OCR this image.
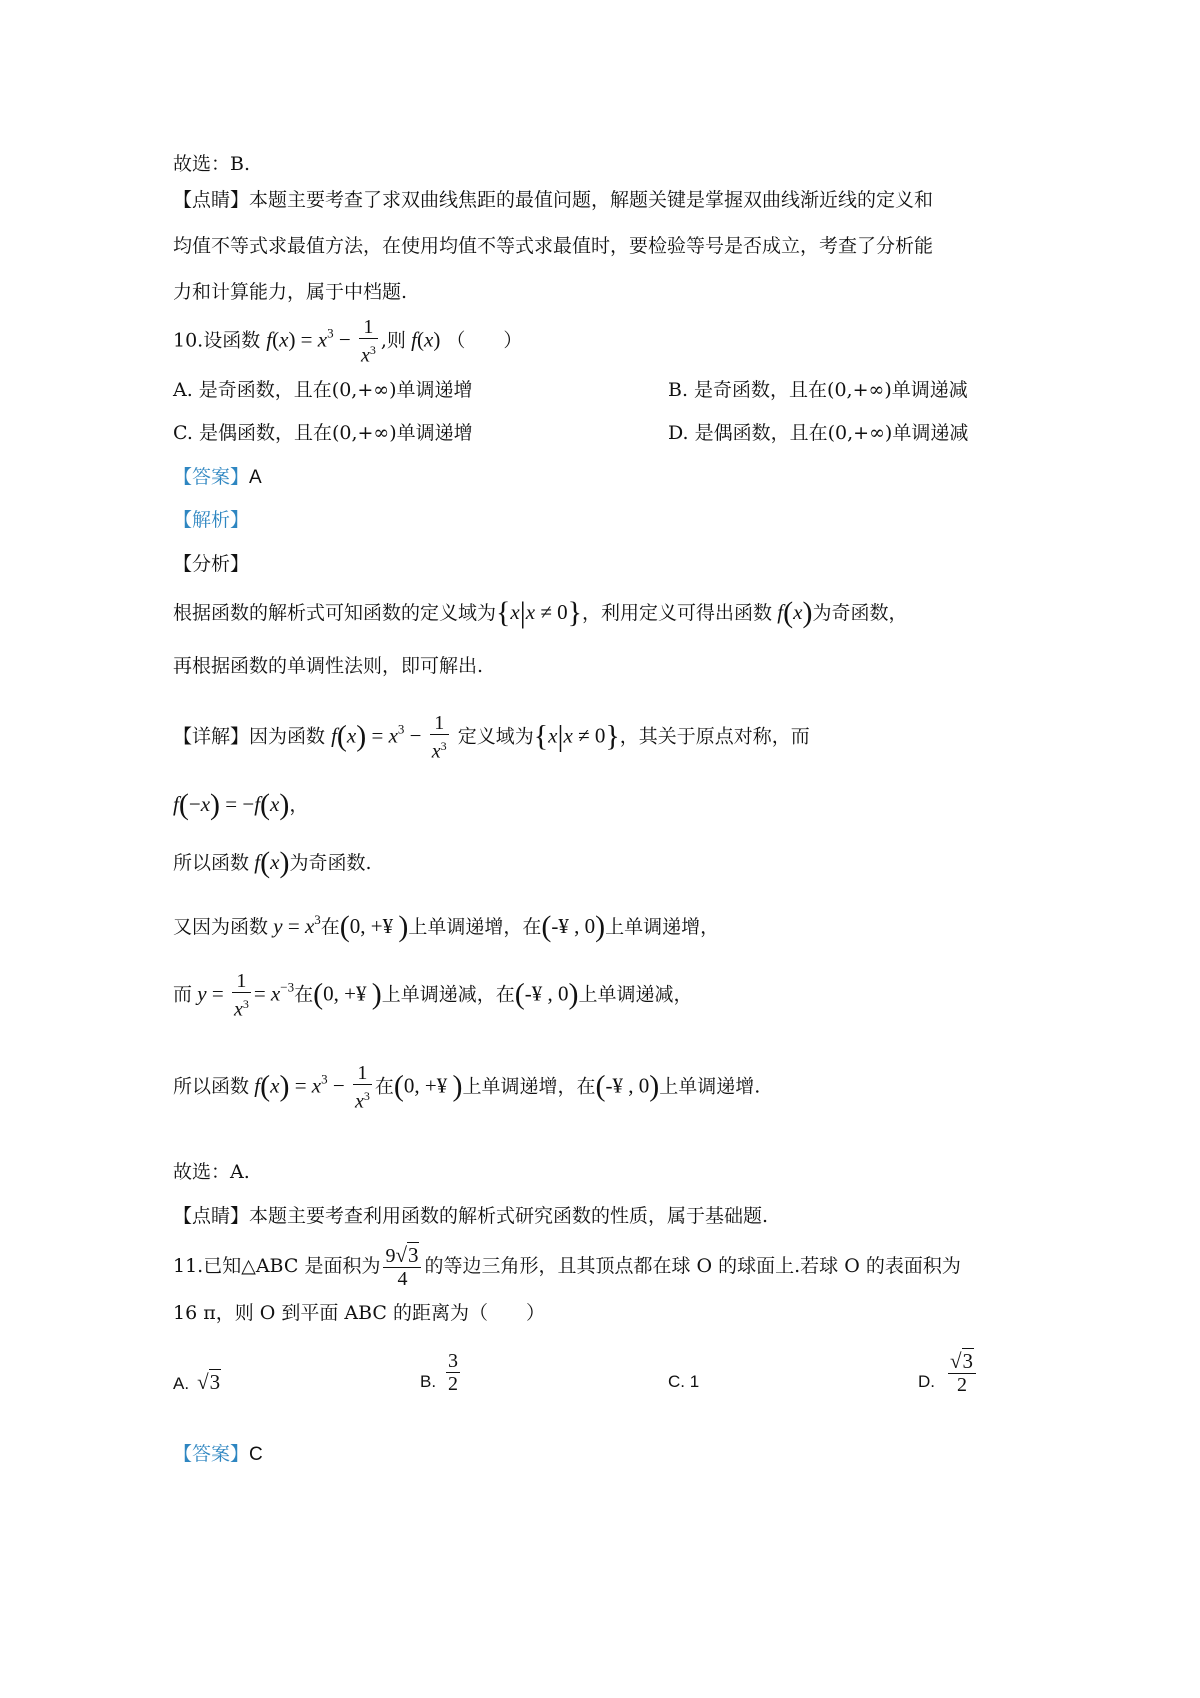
故选：B.
【点睛】本题主要考查了求双曲线焦距的最值问题，解题关键是掌握双曲线渐近线的定义和
均值不等式求最值方法，在使用均值不等式求最值时，要检验等号是否成立，考查了分析能
力和计算能力，属于中档题.
10.设函数 $f(x) = x^3 - \frac{1}{x^3}$ ,则 f(x) （　　）
A. 是奇函数，且在(0,+∞)单调递增	B. 是奇函数，且在(0,+∞)单调递减
C. 是偶函数，且在(0,+∞)单调递增	D. 是偶函数，且在(0,+∞)单调递减
【答案】A
【解析】
【分析】
根据函数的解析式可知函数的定义域为{x|x ≠ 0}，利用定义可得出函数 f(x)为奇函数，
再根据函数的单调性法则，即可解出.
【详解】因为函数 $f(x) = x^3 - \frac{1}{x^3}$ 定义域为{x|x ≠ 0}，其关于原点对称，而
f(−x) = −f(x)，
所以函数 f(x)为奇函数.
又因为函数 $y = x^3$在(0, +¥ )上单调递增，在(-¥ , 0)上单调递增，
而 $y = \frac{1}{x^3} = x^{-3}$在(0, +¥ )上单调递减，在(-¥ , 0)上单调递减，
所以函数 $f(x) = x^3 - \frac{1}{x^3}$ 在(0, +¥ )上单调递增，在(-¥ , 0)上单调递增.
故选：A.
【点睛】本题主要考查利用函数的解析式研究函数的性质，属于基础题.
11.已知△ABC 是面积为 $\frac{9√3}{4}$ 的等边三角形，且其顶点都在球 O 的球面上.若球 O 的表面积为
16 π，则 O 到平面 ABC 的距离为（　　）
A. √3	B. $\frac{3}{2}$	C. 1	D. $\frac{√3}{2}$
【答案】C
